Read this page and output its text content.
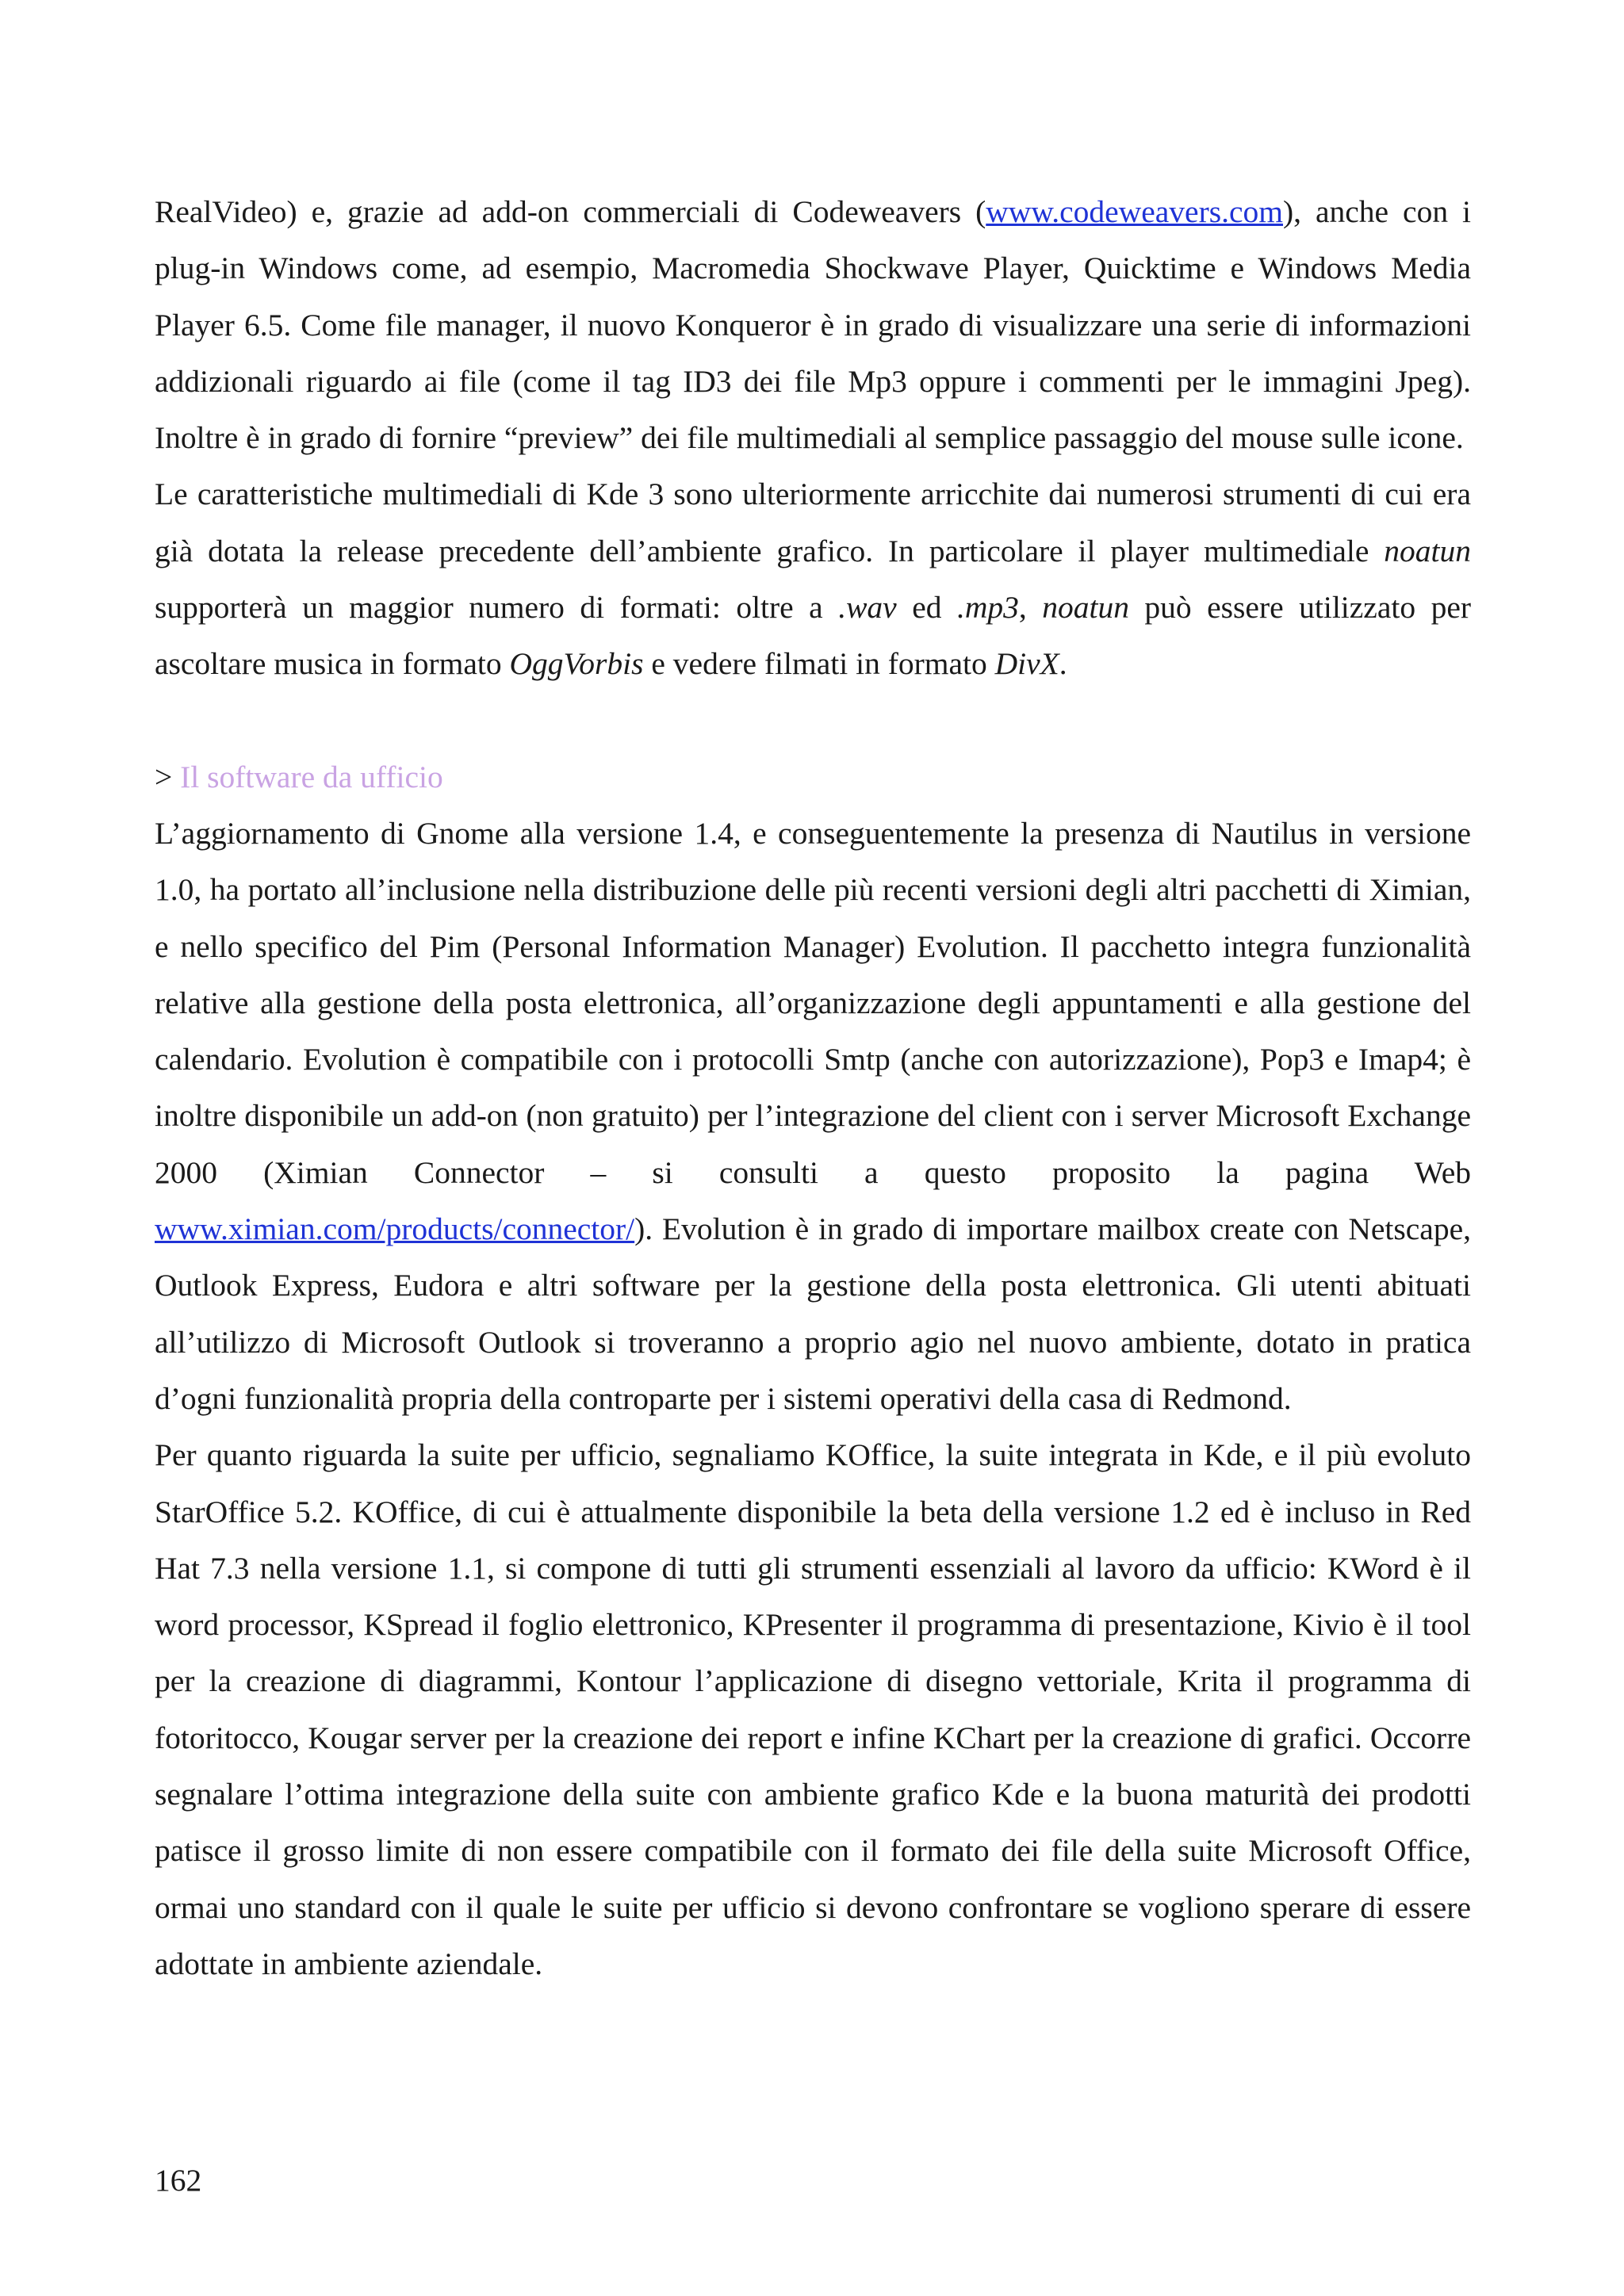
RealVideo) e, grazie ad add-on commerciali di Codeweavers (www.codeweavers.com), anche con i plug-in Windows come, ad esempio, Macromedia Shockwave Player, Quicktime e Windows Media Player 6.5. Come file manager, il nuovo Konqueror è in grado di visualizzare una serie di informazioni addizionali riguardo ai file (come il tag ID3 dei file Mp3 oppure i commenti per le immagini Jpeg). Inoltre è in grado di fornire “preview” dei file multimediali al semplice passaggio del mouse sulle icone.

Le caratteristiche multimediali di Kde 3 sono ulteriormente arricchite dai numerosi strumenti di cui era già dotata la release precedente dell’ambiente grafico. In particolare il player multimediale noatun supporterà un maggior numero di formati: oltre a .wav ed .mp3, noatun può essere utilizzato per ascoltare musica in formato OggVorbis e vedere filmati in formato DivX.

> Il software da ufficio

L’aggiornamento di Gnome alla versione 1.4, e conseguentemente la presenza di Nautilus in versione 1.0, ha portato all’inclusione nella distribuzione delle più recenti versioni degli altri pacchetti di Ximian, e nello specifico del Pim (Personal Information Manager) Evolution. Il pacchetto integra funzionalità relative alla gestione della posta elettronica, all’organizzazione degli appuntamenti e alla gestione del calendario. Evolution è compatibile con i protocolli Smtp (anche con autorizzazione), Pop3 e Imap4; è inoltre disponibile un add-on (non gratuito) per l’integrazione del client con i server Microsoft Exchange 2000 (Ximian Connector – si consulti a questo proposito la pagina Web www.ximian.com/products/connector/). Evolution è in grado di importare mailbox create con Netscape, Outlook Express, Eudora e altri software per la gestione della posta elettronica. Gli utenti abituati all’utilizzo di Microsoft Outlook si troveranno a proprio agio nel nuovo ambiente, dotato in pratica d’ogni funzionalità propria della controparte per i sistemi operativi della casa di Redmond.

Per quanto riguarda la suite per ufficio, segnaliamo KOffice, la suite integrata in Kde, e il più evoluto StarOffice 5.2. KOffice, di cui è attualmente disponibile la beta della versione 1.2 ed è incluso in Red Hat 7.3 nella versione 1.1, si compone di tutti gli strumenti essenziali al lavoro da ufficio: KWord è il word processor, KSpread il foglio elettronico, KPresenter il programma di presentazione, Kivio è il tool per la creazione di diagrammi, Kontour l’applicazione di disegno vettoriale, Krita il programma di fotoritocco, Kougar server per la creazione dei report e infine KChart per la creazione di grafici. Occorre segnalare l’ottima integrazione della suite con ambiente grafico Kde e la buona maturità dei prodotti patisce il grosso limite di non essere compatibile con il formato dei file della suite Microsoft Office, ormai uno standard con il quale le suite per ufficio si devono confrontare se vogliono sperare di essere adottate in ambiente aziendale.

162
